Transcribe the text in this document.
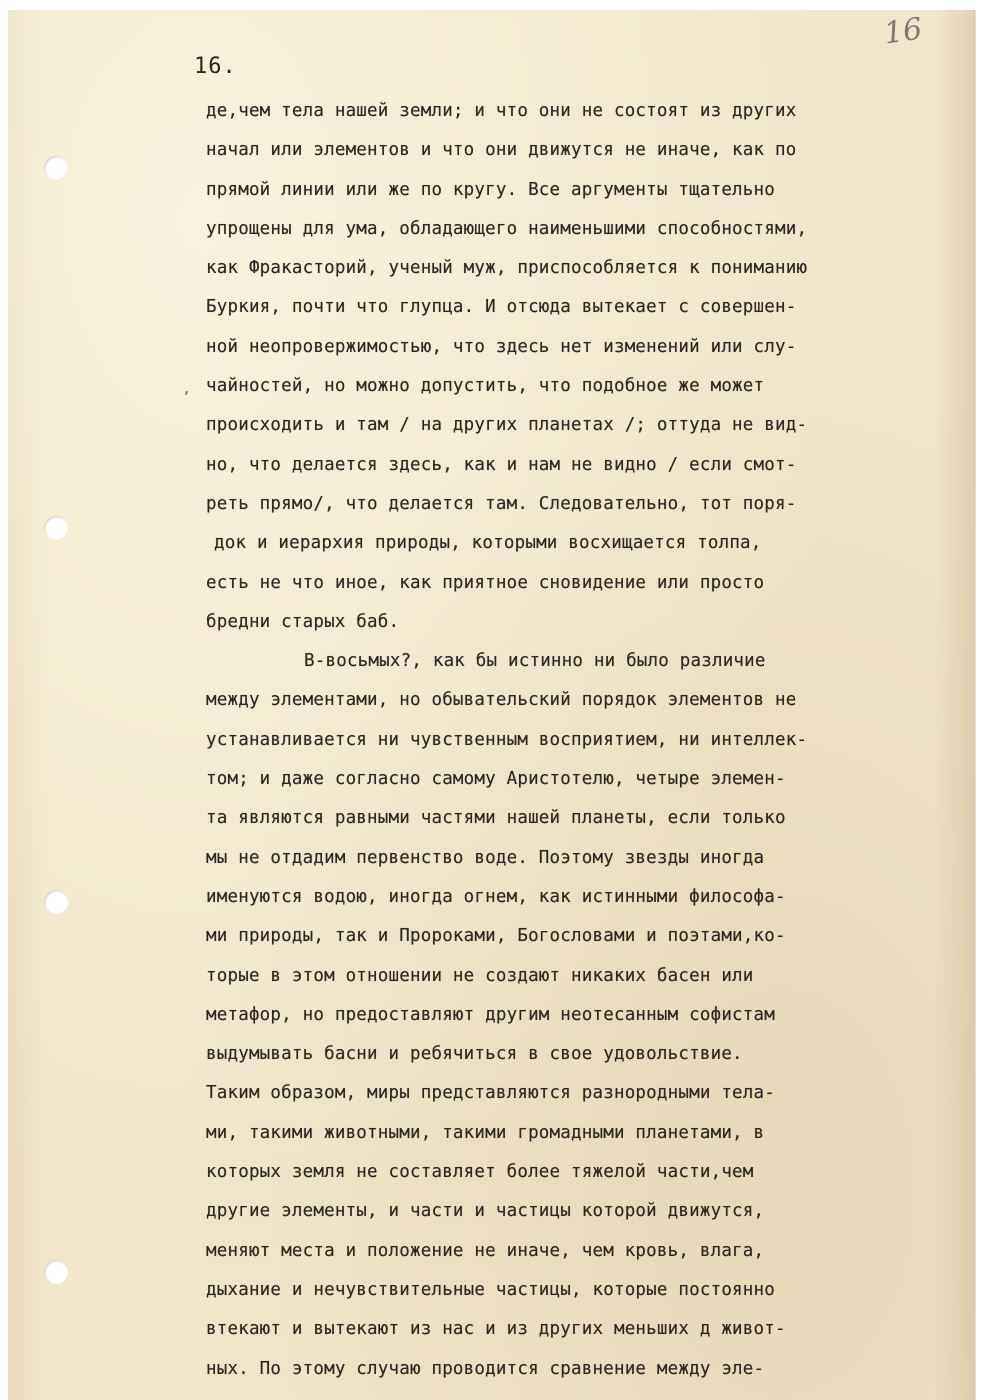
16
16.
,
де,чем тела нашей земли; и что они не состоят из других
начал или элементов и что они движутся не иначе, как по
прямой линии или же по кругу. Все аргументы тщательно
упрощены для ума, обладающего наименьшими способностями,
как Фракасторий, ученый муж, приспособляется к пониманию
Буркия, почти что глупца. И отсюда вытекает с совершен-
ной неопровержимостью, что здесь нет изменений или слу-
чайностей, но можно допустить, что подобное же может
происходить и там / на других планетах /; оттуда не вид-
но, что делается здесь, как и нам не видно / если смот-
реть прямо/, что делается там. Следовательно, тот поря-
док и иерархия природы, которыми восхищается толпа,
есть не что иное, как приятное сновидение или просто
бредни старых баб.
В-восьмых?, как бы истинно ни было различие
между элементами, но обывательский порядок элементов не
устанавливается ни чувственным восприятием, ни интеллек-
том; и даже согласно самому Аристотелю, четыре элемен-
та являются равными частями нашей планеты, если только
мы не отдадим первенство воде. Поэтому звезды иногда
именуются водою, иногда огнем, как истинными философа-
ми природы, так и Пророками, Богословами и поэтами,ко-
торые в этом отношении не создают никаких басен или
метафор, но предоставляют другим неотесанным софистам
выдумывать басни и ребячиться в свое удовольствие.
Таким образом, миры представляются разнородными тела-
ми, такими животными, такими громадными планетами, в
которых земля не составляет более тяжелой части,чем
другие элементы, и части и частицы которой движутся,
меняют места и положение не иначе, чем кровь, влага,
дыхание и нечувствительные частицы, которые постоянно
втекают и вытекают из нас и из других меньших д живот-
ных. По этому случаю проводится сравнение между эле-
